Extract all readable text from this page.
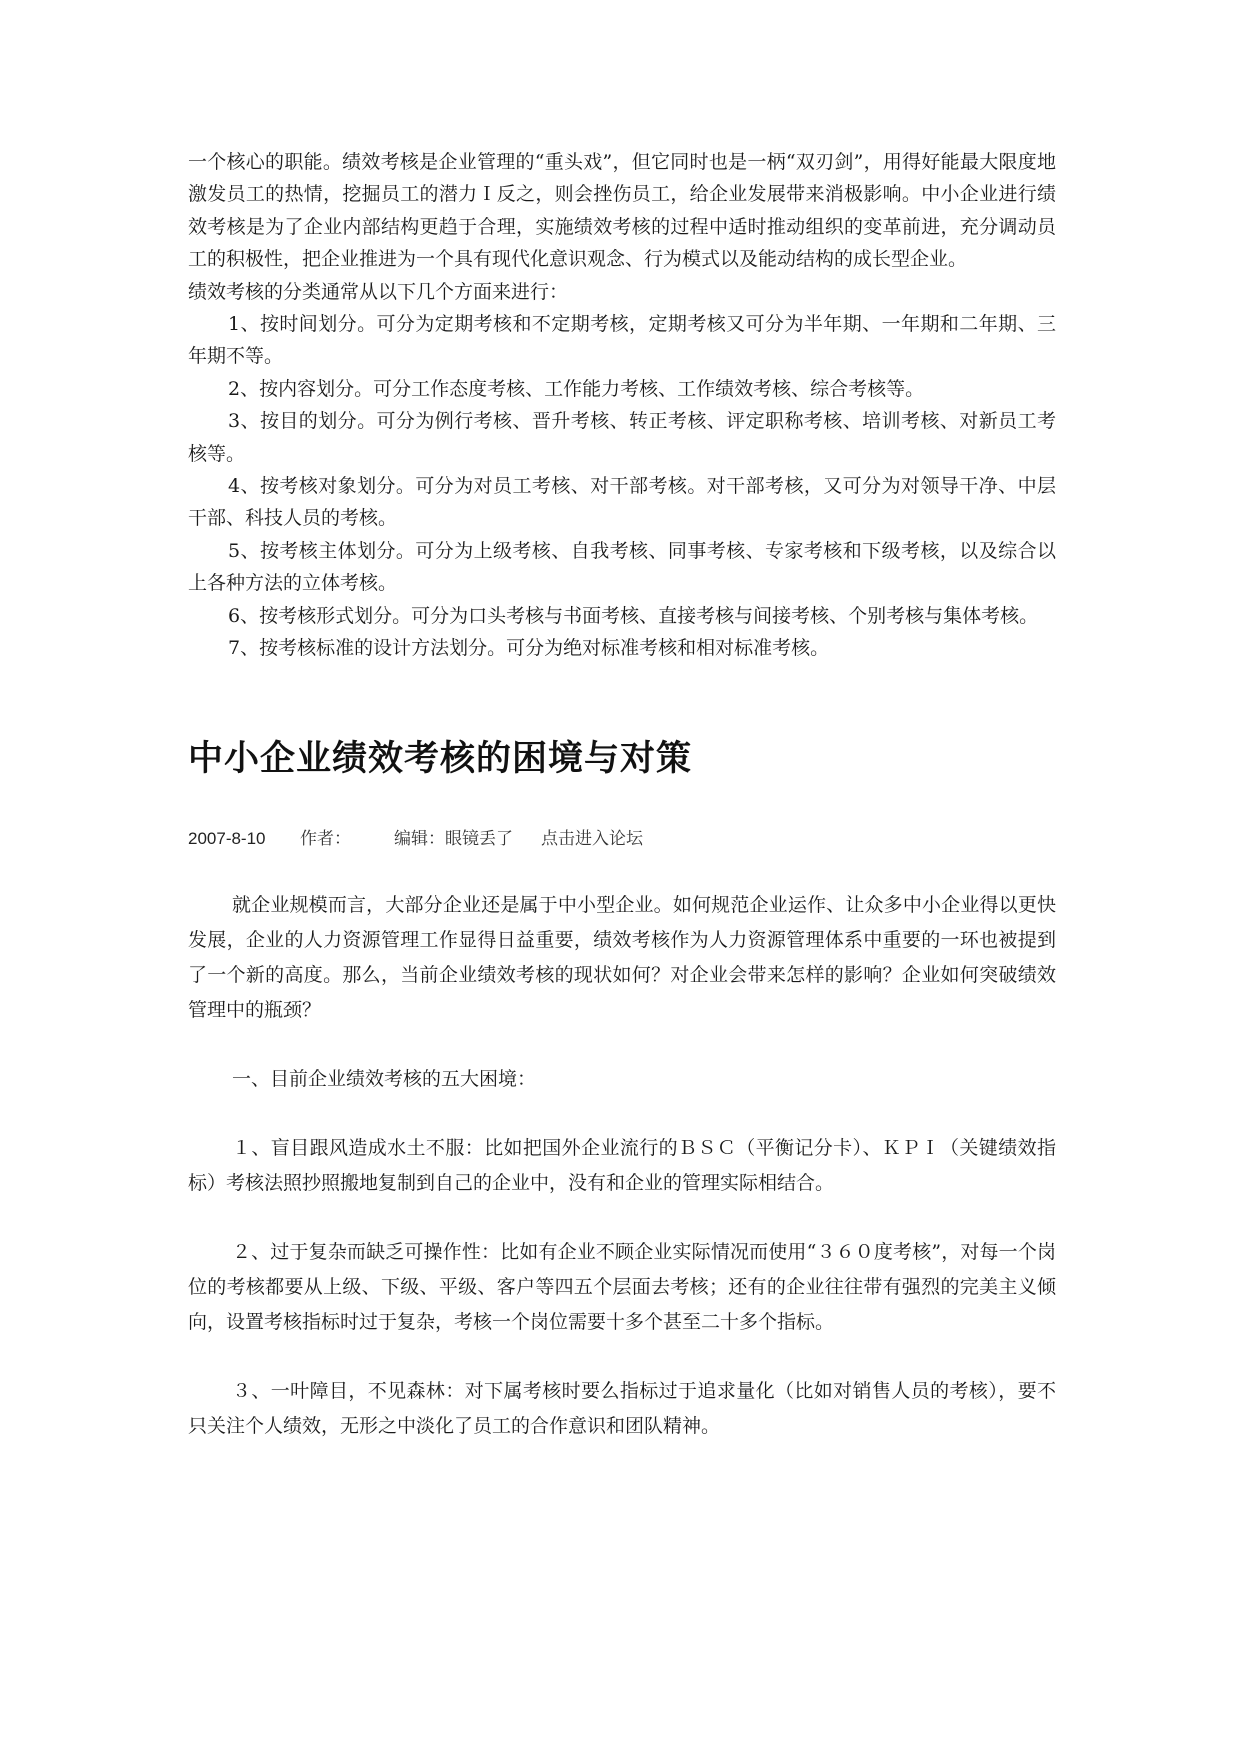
一个核心的职能。绩效考核是企业管理的“重头戏”，但它同时也是一柄“双刃剑”，用得好能最大限度地激发员工的热情，挖掘员工的潜力Ｉ反之，则会挫伤员工，给企业发展带来消极影响。中小企业进行绩效考核是为了企业内部结构更趋于合理，实施绩效考核的过程中适时推动组织的变革前进，充分调动员工的积极性，把企业推进为一个具有现代化意识观念、行为模式以及能动结构的成长型企业。

绩效考核的分类通常从以下几个方面来进行：

1、按时间划分。可分为定期考核和不定期考核，定期考核又可分为半年期、一年期和二年期、三年期不等。

2、按内容划分。可分工作态度考核、工作能力考核、工作绩效考核、综合考核等。

3、按目的划分。可分为例行考核、晋升考核、转正考核、评定职称考核、培训考核、对新员工考核等。

4、按考核对象划分。可分为对员工考核、对干部考核。对干部考核，又可分为对领导干净、中层干部、科技人员的考核。

5、按考核主体划分。可分为上级考核、自我考核、同事考核、专家考核和下级考核，以及综合以上各种方法的立体考核。

6、按考核形式划分。可分为口头考核与书面考核、直接考核与间接考核、个别考核与集体考核。

7、按考核标准的设计方法划分。可分为绝对标准考核和相对标准考核。

中小企业绩效考核的困境与对策
2007-8-10	作者：	编辑：眼镜丢了 点击进入论坛

就企业规模而言，大部分企业还是属于中小型企业。如何规范企业运作、让众多中小企业得以更快发展，企业的人力资源管理工作显得日益重要，绩效考核作为人力资源管理体系中重要的一环也被提到了一个新的高度。那么，当前企业绩效考核的现状如何？对企业会带来怎样的影响？企业如何突破绩效管理中的瓶颈？

一、目前企业绩效考核的五大困境：

１、盲目跟风造成水土不服：比如把国外企业流行的ＢＳＣ（平衡记分卡）、ＫＰＩ（关键绩效指标）考核法照抄照搬地复制到自己的企业中，没有和企业的管理实际相结合。

２、过于复杂而缺乏可操作性：比如有企业不顾企业实际情况而使用“３６０度考核”，对每一个岗位的考核都要从上级、下级、平级、客户等四五个层面去考核；还有的企业往往带有强烈的完美主义倾向，设置考核指标时过于复杂，考核一个岗位需要十多个甚至二十多个指标。

３、一叶障目，不见森林：对下属考核时要么指标过于追求量化（比如对销售人员的考核），要不只关注个人绩效，无形之中淡化了员工的合作意识和团队精神。
